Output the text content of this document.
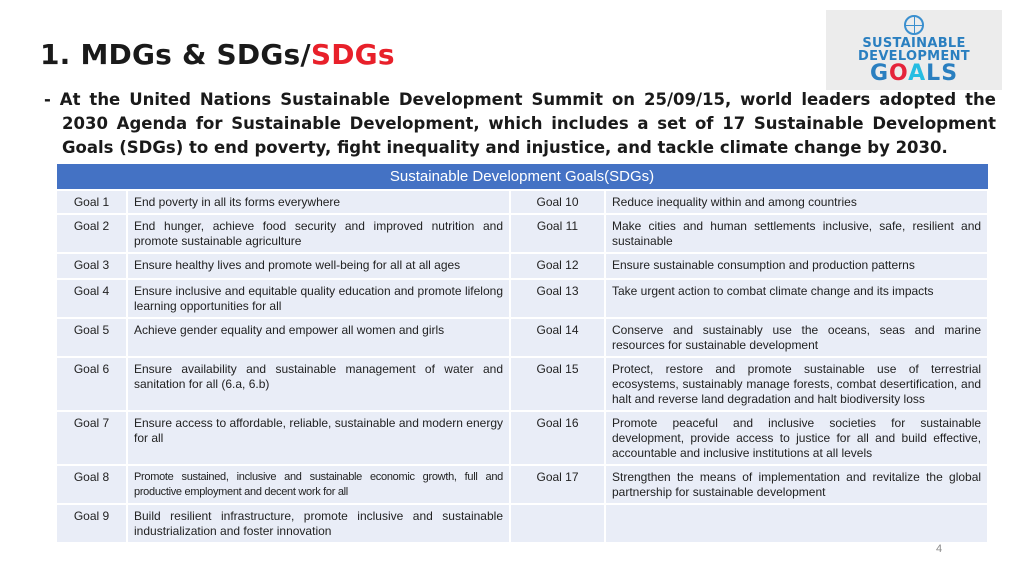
1. MDGs & SDGs/SDGs	SUSTAINABLE
DEVELOPMENT
GOALS

- At the United Nations Sustainable Development Summit on 25/09/15, world leaders adopted the 2030 Agenda for Sustainable Development, which includes a set of 17 Sustainable Development Goals (SDGs) to end poverty, fight inequality and injustice, and tackle climate change by 2030.

Sustainable Development Goals(SDGs)			
Goal 1	End poverty in all its forms everywhere	Goal 10	Reduce inequality within and among countries
Goal 2	End hunger, achieve food security and improved nutrition and promote sustainable agriculture	Goal 11	Make cities and human settlements inclusive, safe, resilient and sustainable
Goal 3	Ensure healthy lives and promote well-being for all at all ages	Goal 12	Ensure sustainable consumption and production patterns
Goal 4	Ensure inclusive and equitable quality education and promote lifelong learning opportunities for all	Goal 13	Take urgent action to combat climate change and its impacts
Goal 5	Achieve gender equality and empower all women and girls	Goal 14	Conserve and sustainably use the oceans, seas and marine resources for sustainable development
Goal 6	Ensure availability and sustainable management of water and sanitation for all (6.a, 6.b)	Goal 15	Protect, restore and promote sustainable use of terrestrial ecosystems, sustainably manage forests, combat desertification, and halt and reverse land degradation and halt biodiversity loss
Goal 7	Ensure access to affordable, reliable, sustainable and modern energy for all	Goal 16	Promote peaceful and inclusive societies for sustainable development, provide access to justice for all and build effective, accountable and inclusive institutions at all levels
Goal 8	Promote sustained, inclusive and sustainable economic growth, full and productive employment and decent work for all	Goal 17	Strengthen the means of implementation and revitalize the global partnership for sustainable development
Goal 9	Build resilient infrastructure, promote inclusive and sustainable industrialization and foster innovation		
4
